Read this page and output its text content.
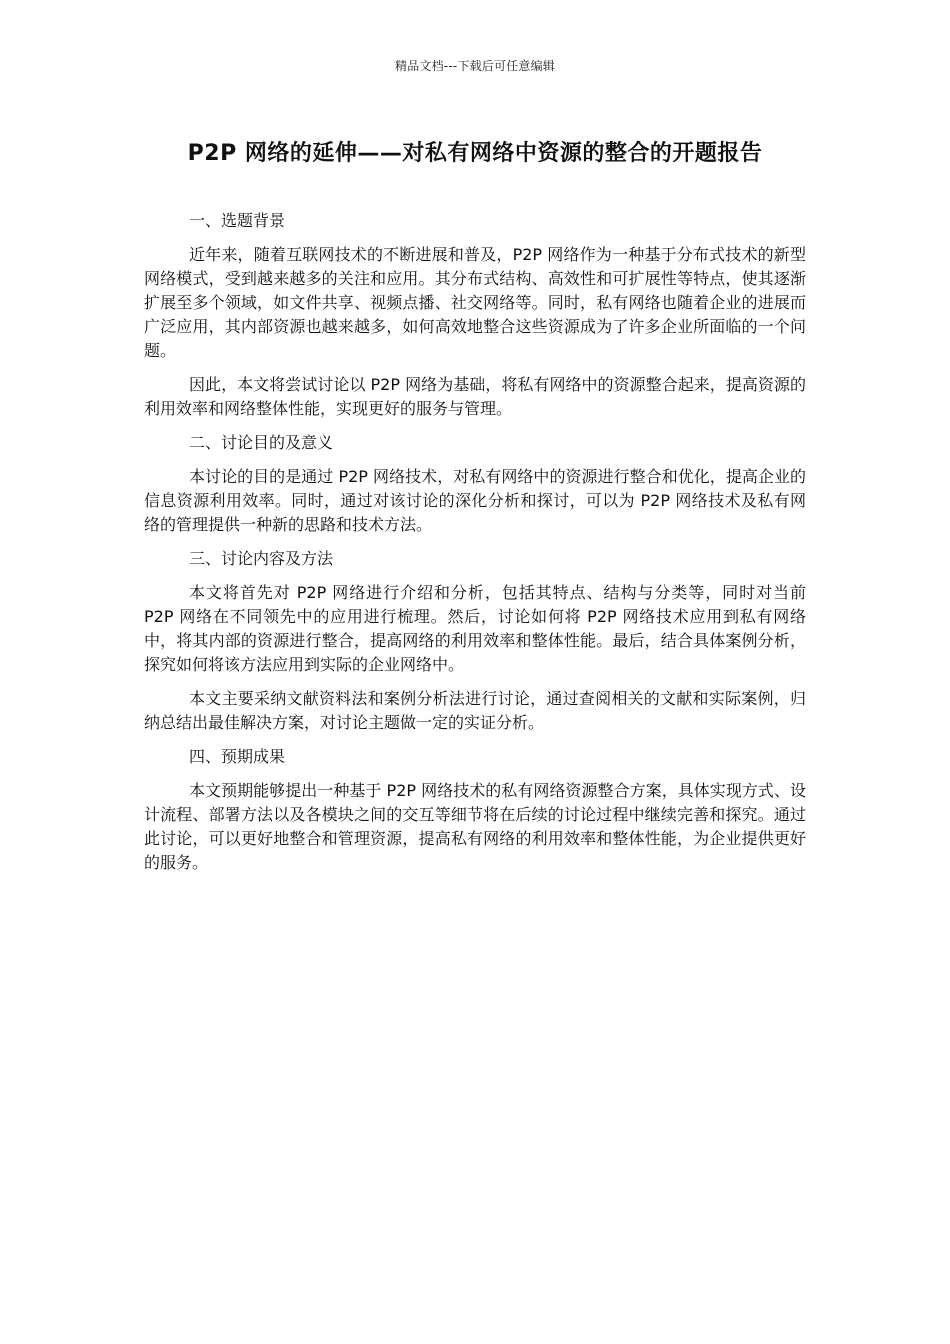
精品文档---下载后可任意编辑
P2P 网络的延伸——对私有网络中资源的整合的开题报告
一、选题背景

近年来，随着互联网技术的不断进展和普及，P2P 网络作为一种基于分布式技术的新型网络模式，受到越来越多的关注和应用。其分布式结构、高效性和可扩展性等特点，使其逐渐扩展至多个领域，如文件共享、视频点播、社交网络等。同时，私有网络也随着企业的进展而广泛应用，其内部资源也越来越多，如何高效地整合这些资源成为了许多企业所面临的一个问题。

因此，本文将尝试讨论以 P2P 网络为基础，将私有网络中的资源整合起来，提高资源的利用效率和网络整体性能，实现更好的服务与管理。

二、讨论目的及意义

本讨论的目的是通过 P2P 网络技术，对私有网络中的资源进行整合和优化，提高企业的信息资源利用效率。同时，通过对该讨论的深化分析和探讨，可以为 P2P 网络技术及私有网络的管理提供一种新的思路和技术方法。

三、讨论内容及方法

本文将首先对 P2P 网络进行介绍和分析，包括其特点、结构与分类等，同时对当前 P2P 网络在不同领先中的应用进行梳理。然后，讨论如何将 P2P 网络技术应用到私有网络中，将其内部的资源进行整合，提高网络的利用效率和整体性能。最后，结合具体案例分析，探究如何将该方法应用到实际的企业网络中。

本文主要采纳文献资料法和案例分析法进行讨论，通过查阅相关的文献和实际案例，归纳总结出最佳解决方案，对讨论主题做一定的实证分析。

四、预期成果

本文预期能够提出一种基于 P2P 网络技术的私有网络资源整合方案，具体实现方式、设计流程、部署方法以及各模块之间的交互等细节将在后续的讨论过程中继续完善和探究。通过此讨论，可以更好地整合和管理资源，提高私有网络的利用效率和整体性能，为企业提供更好的服务。
